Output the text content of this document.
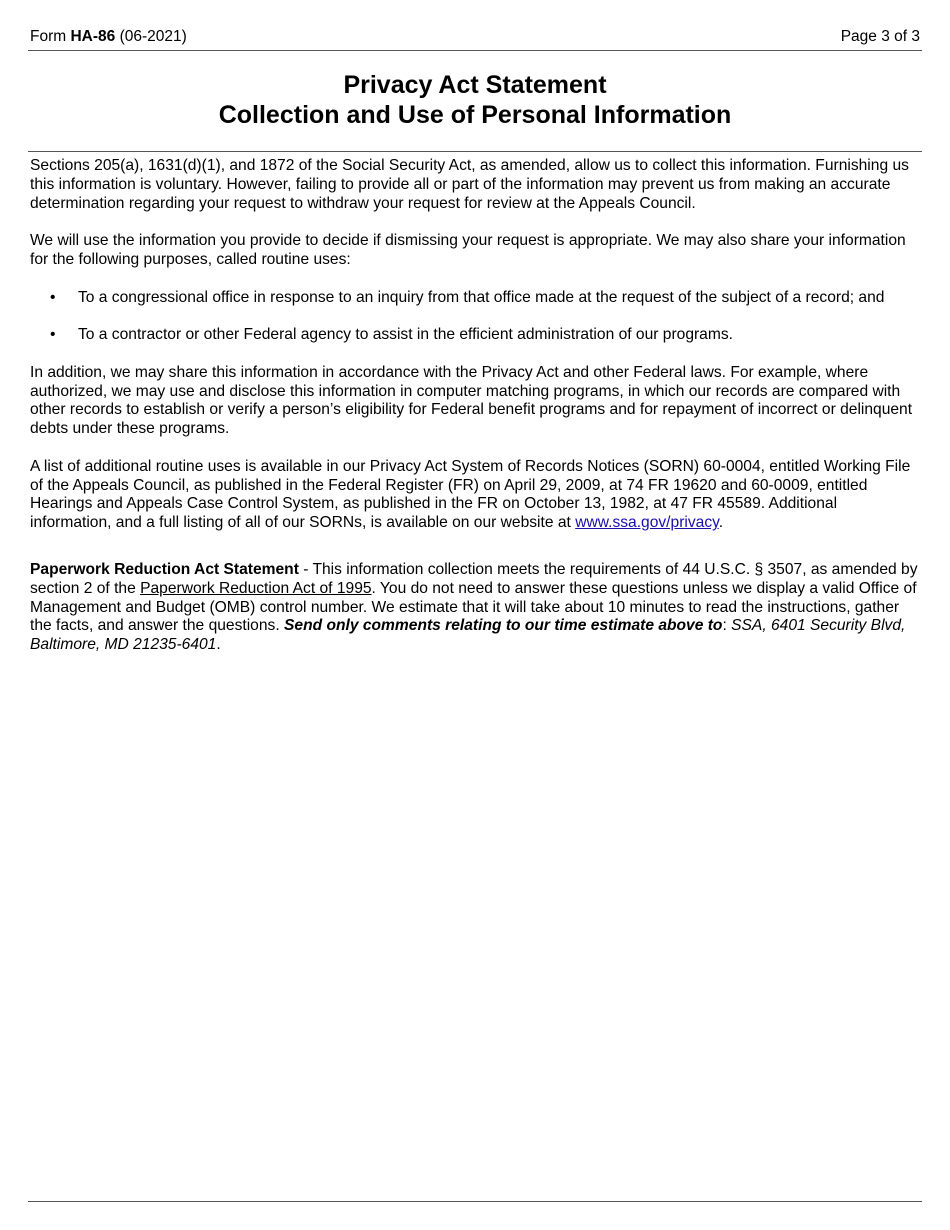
Form HA-86 (06-2021)	Page 3 of 3
Privacy Act Statement
Collection and Use of Personal Information

Sections 205(a), 1631(d)(1), and 1872 of the Social Security Act, as amended, allow us to collect this information. Furnishing us this information is voluntary. However, failing to provide all or part of the information may prevent us from making an accurate determination regarding your request to withdraw your request for review at the Appeals Council.

We will use the information you provide to decide if dismissing your request is appropriate. We may also share your information for the following purposes, called routine uses:

• To a congressional office in response to an inquiry from that office made at the request of the subject of a record; and
• To a contractor or other Federal agency to assist in the efficient administration of our programs.

In addition, we may share this information in accordance with the Privacy Act and other Federal laws. For example, where authorized, we may use and disclose this information in computer matching programs, in which our records are compared with other records to establish or verify a person’s eligibility for Federal benefit programs and for repayment of incorrect or delinquent debts under these programs.

A list of additional routine uses is available in our Privacy Act System of Records Notices (SORN) 60-0004, entitled Working File of the Appeals Council, as published in the Federal Register (FR) on April 29, 2009, at 74 FR 19620 and 60-0009, entitled Hearings and Appeals Case Control System, as published in the FR on October 13, 1982, at 47 FR 45589. Additional information, and a full listing of all of our SORNs, is available on our website at www.ssa.gov/privacy.

Paperwork Reduction Act Statement - This information collection meets the requirements of 44 U.S.C. § 3507, as amended by section 2 of the Paperwork Reduction Act of 1995. You do not need to answer these questions unless we display a valid Office of Management and Budget (OMB) control number. We estimate that it will take about 10 minutes to read the instructions, gather the facts, and answer the questions. Send only comments relating to our time estimate above to: SSA, 6401 Security Blvd, Baltimore, MD 21235-6401.
